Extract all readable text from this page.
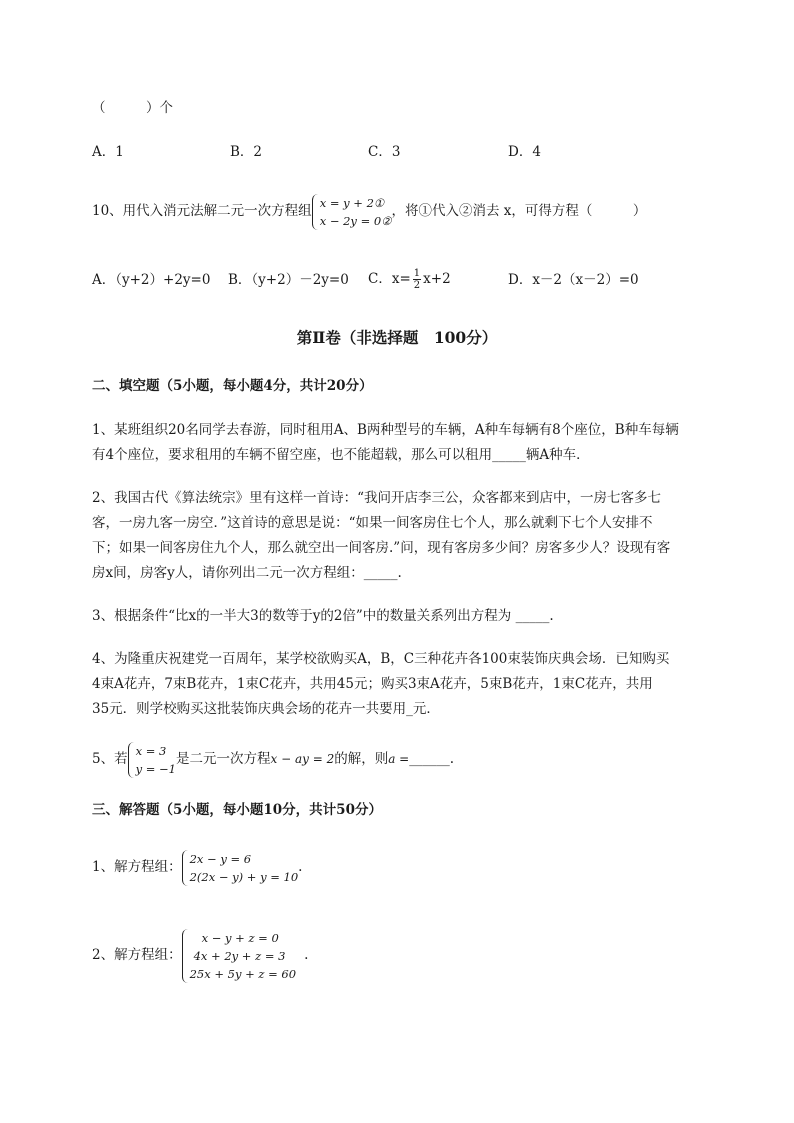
（　　　）个
A．1	B．2	C．3	D．4
10、用代入消元法解二元一次方程组
x = y + 2①
x − 2y = 0②
，将①代入②消去 x，可得方程（　　　）
A．（y+2）+2y=0 B．（y+2）－2y=0 C．$x= \frac{1}{2} x+2$	D．x－2（x－2）=0
第Ⅱ卷（非选择题　100分）
二、填空题（5小题，每小题4分，共计20分）
1、某班组织20名同学去春游，同时租用A、B两种型号的车辆，A种车每辆有8个座位，B种车每辆
有4个座位，要求租用的车辆不留空座，也不能超载，那么可以租用_____辆A种车．
2、我国古代《算法统宗》里有这样一首诗：“我问开店李三公，众客都来到店中，一房七客多七
客，一房九客一房空．”这首诗的意思是说：“如果一间客房住七个人，那么就剩下七个人安排不
下；如果一间客房住九个人，那么就空出一间客房.”问，现有客房多少间？房客多少人？设现有客
房x间，房客y人，请你列出二元一次方程组：_____.
3、根据条件“比x的一半大3的数等于y的2倍”中的数量关系列出方程为 _____.
4、为隆重庆祝建党一百周年，某学校欲购买A，B，C三种花卉各100束装饰庆典会场．已知购买
4束A花卉，7束B花卉，1束C花卉，共用45元；购买3束A花卉，5束B花卉，1束C花卉，共用
35元．则学校购买这批装饰庆典会场的花卉一共要用_元．
5、若
x = 3
y = −1
是二元一次方程x − ay = 2的解，则a =______.
三、解答题（5小题，每小题10分，共计50分）
1、解方程组：
2x − y = 6
2(2x − y) + y = 10
.
2、解方程组：
x − y + z = 0
4x + 2y + z = 3
25x + 5y + z = 60
.
